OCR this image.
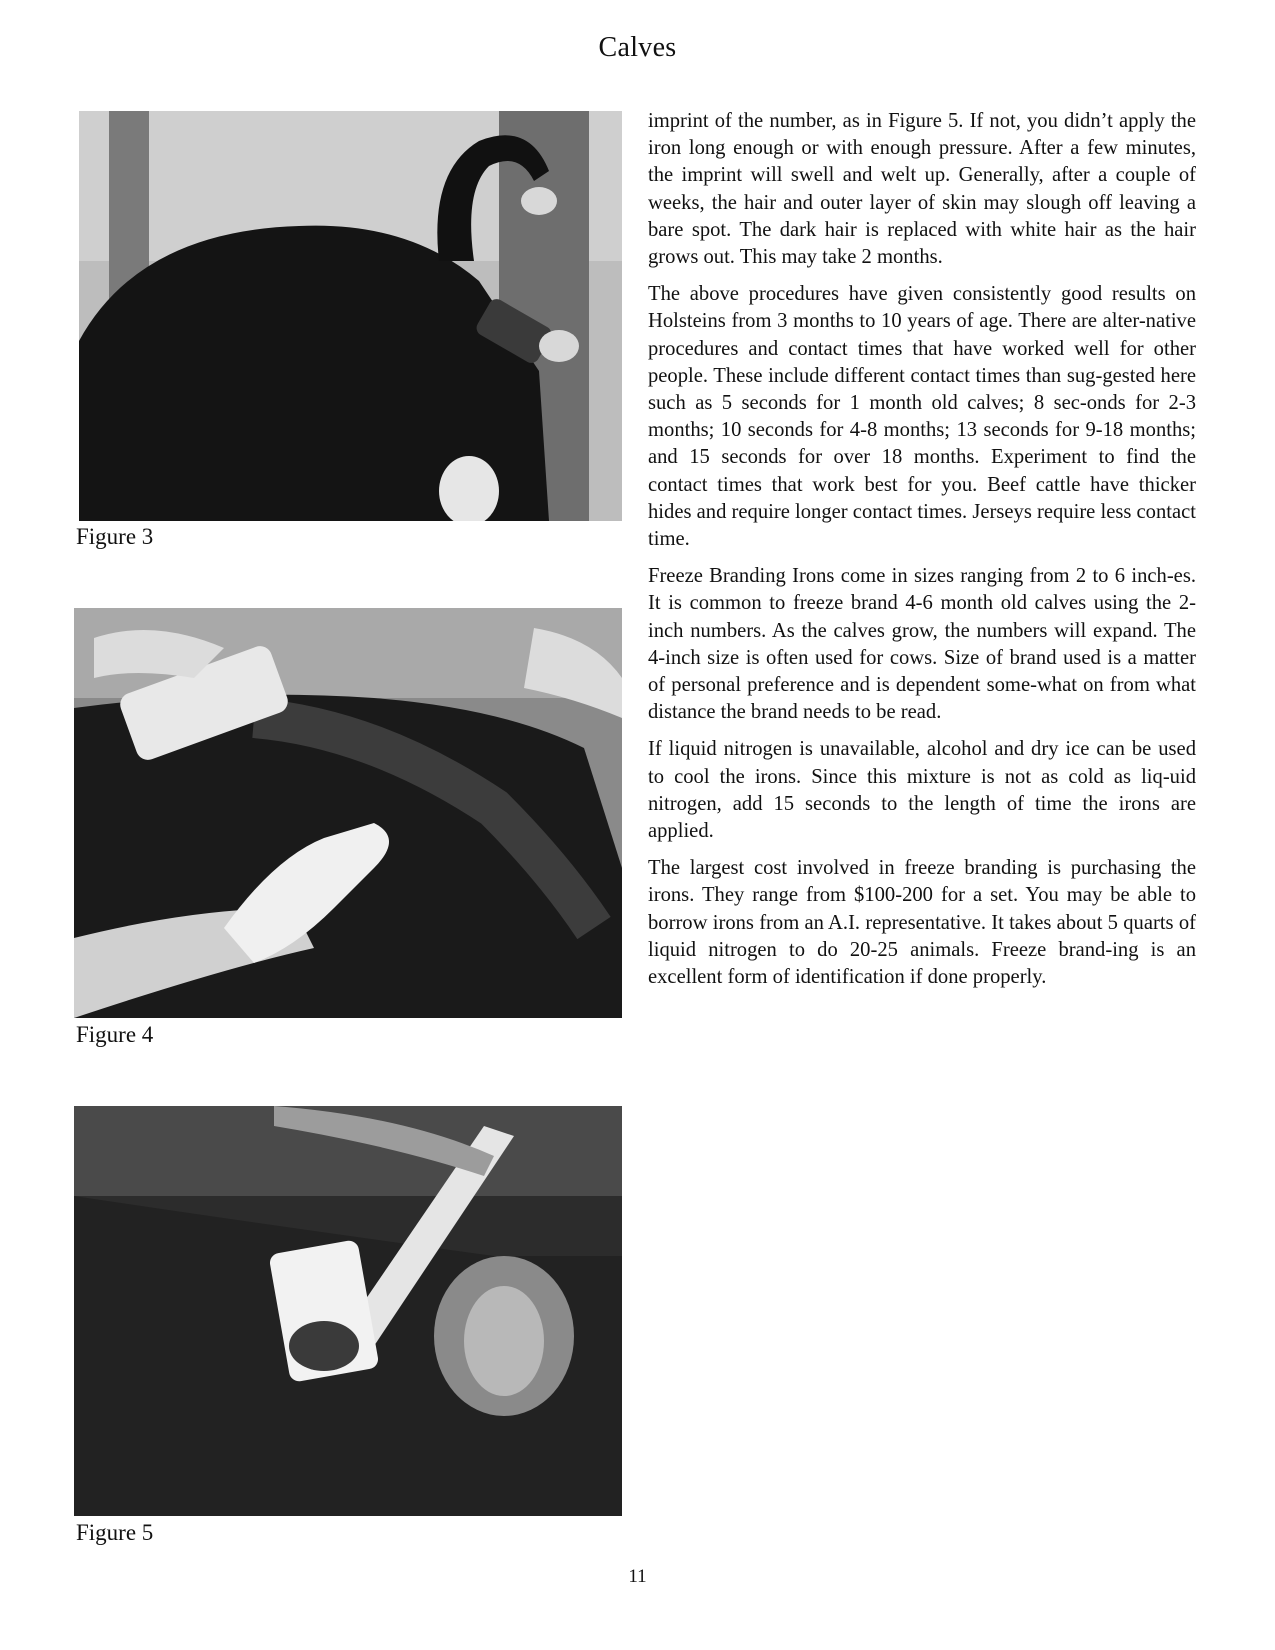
Calves
Figure 3
Figure 4
Figure 5

imprint of the number, as in Figure 5. If not, you didn’t apply the iron long enough or with enough pressure. After a few minutes, the imprint will swell and welt up. Generally, after a couple of weeks, the hair and outer layer of skin may slough off leaving a bare spot. The dark hair is replaced with white hair as the hair grows out. This may take 2 months.

The above procedures have given consistently good results on Holsteins from 3 months to 10 years of age. There are alter-native procedures and contact times that have worked well for other people. These include different contact times than sug-gested here such as 5 seconds for 1 month old calves; 8 sec-onds for 2-3 months; 10 seconds for 4-8 months; 13 seconds for 9-18 months; and 15 seconds for over 18 months. Experiment to find the contact times that work best for you. Beef cattle have thicker hides and require longer contact times. Jerseys require less contact time.

Freeze Branding Irons come in sizes ranging from 2 to 6 inch-es. It is common to freeze brand 4-6 month old calves using the 2-inch numbers. As the calves grow, the numbers will expand. The 4-inch size is often used for cows. Size of brand used is a matter of personal preference and is dependent some-what on from what distance the brand needs to be read.

If liquid nitrogen is unavailable, alcohol and dry ice can be used to cool the irons. Since this mixture is not as cold as liq-uid nitrogen, add 15 seconds to the length of time the irons are applied.

The largest cost involved in freeze branding is purchasing the irons. They range from $100-200 for a set. You may be able to borrow irons from an A.I. representative. It takes about 5 quarts of liquid nitrogen to do 20-25 animals. Freeze brand-ing is an excellent form of identification if done properly.

11
